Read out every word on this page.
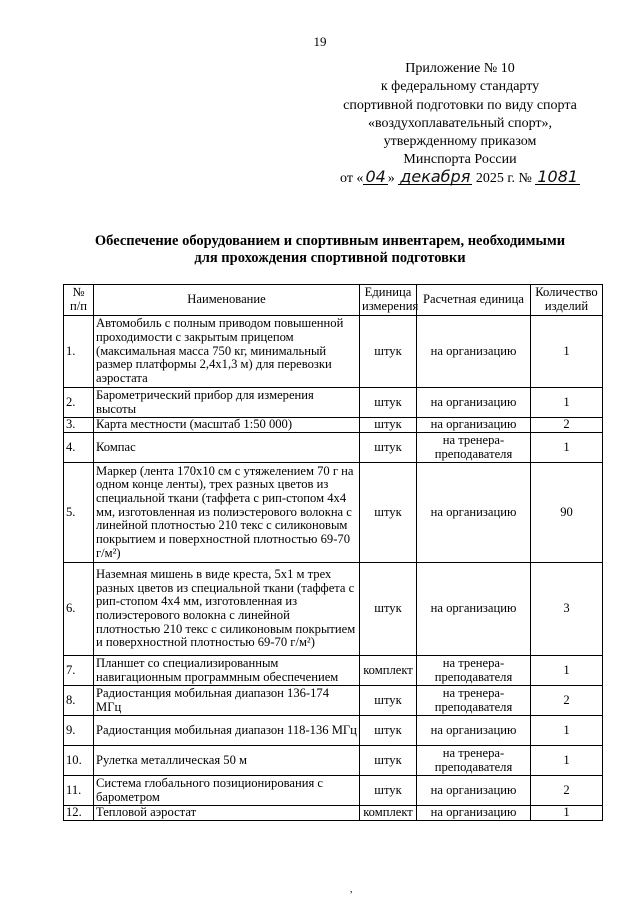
19
Приложение № 10
к федеральному стандарту
спортивной подготовки по виду спорта
«воздухоплавательный спорт»,
утвержденному приказом
Минспорта России
от « 04 » декабря 2025 г. № 1081
Обеспечение оборудованием и спортивным инвентарем, необходимыми
для прохождения спортивной подготовки
№ п/п	Наименование	Единица измерения	Расчетная единица	Количество изделий
1.	Автомобиль с полным приводом повышенной проходимости с закрытым прицепом (максимальная масса 750 кг, минимальный размер платформы 2,4х1,3 м) для перевозки аэростата	штук	на организацию	1
2.	Барометрический прибор для измерения высоты	штук	на организацию	1
3.	Карта местности (масштаб 1:50 000)	штук	на организацию	2
4.	Компас	штук	на тренера-преподавателя	1
5.	Маркер (лента 170х10 см с утяжелением 70 г на одном конце ленты), трех разных цветов из специальной ткани (таффета с рип-стопом 4х4 мм, изготовленная из полиэстерового волокна с линейной плотностью 210 текс с силиконовым покрытием и поверхностной плотностью 69-70 г/м²)	штук	на организацию	90
6.	Наземная мишень в виде креста, 5х1 м трех разных цветов из специальной ткани (таффета с рип-стопом 4х4 мм, изготовленная из полиэстерового волокна с линейной плотностью 210 текс с силиконовым покрытием и поверхностной плотностью 69-70 г/м²)	штук	на организацию	3
7.	Планшет со специализированным навигационным программным обеспечением	комплект	на тренера-преподавателя	1
8.	Радиостанция мобильная диапазон 136-174 МГц	штук	на тренера-преподавателя	2
9.	Радиостанция мобильная диапазон 118-136 МГц	штук	на организацию	1
10.	Рулетка металлическая 50 м	штук	на тренера-преподавателя	1
11.	Система глобального позиционирования с барометром	штук	на организацию	2
12.	Тепловой аэростат	комплект	на организацию	1
,
